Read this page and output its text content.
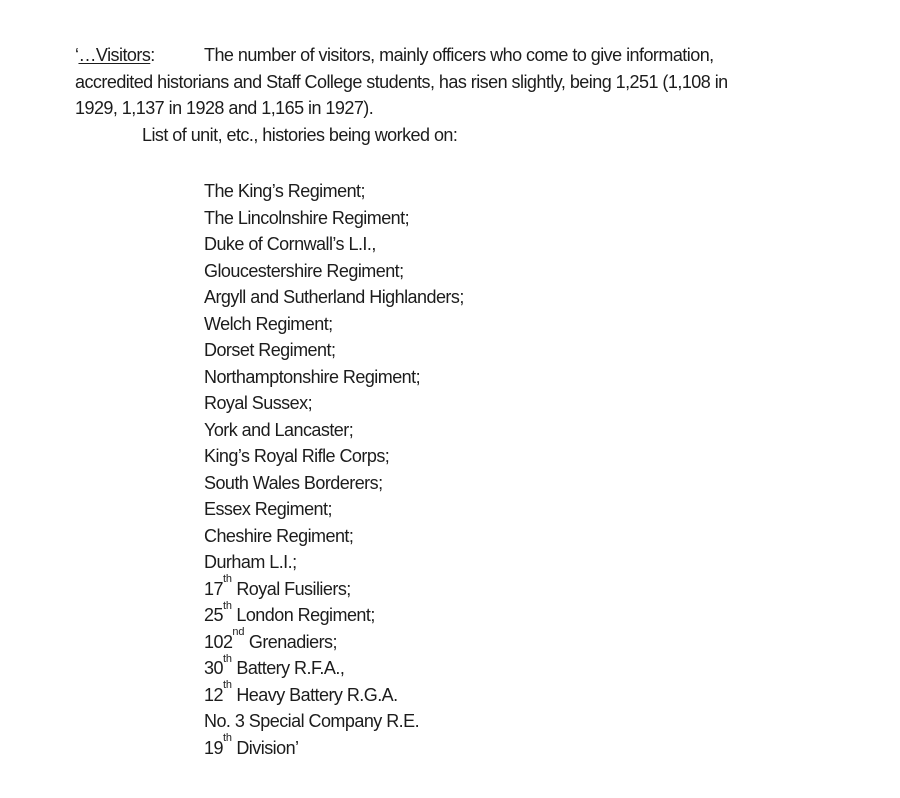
‘…Visitors:	The number of visitors, mainly officers who come to give information,
accredited historians and Staff College students, has risen slightly, being 1,251 (1,108 in
1929, 1,137 in 1928 and 1,165 in 1927).
List of unit, etc., histories being worked on:
The King’s Regiment;
The Lincolnshire Regiment;
Duke of Cornwall’s L.I.,
Gloucestershire Regiment;
Argyll and Sutherland Highlanders;
Welch Regiment;
Dorset Regiment;
Northamptonshire Regiment;
Royal Sussex;
York and Lancaster;
King’s Royal Rifle Corps;
South Wales Borderers;
Essex Regiment;
Cheshire Regiment;
Durham L.I.;
17th Royal Fusiliers;
25th London Regiment;
102nd Grenadiers;
30th Battery R.F.A.,
12th Heavy Battery R.G.A.
No. 3 Special Company R.E.
19th Division’
